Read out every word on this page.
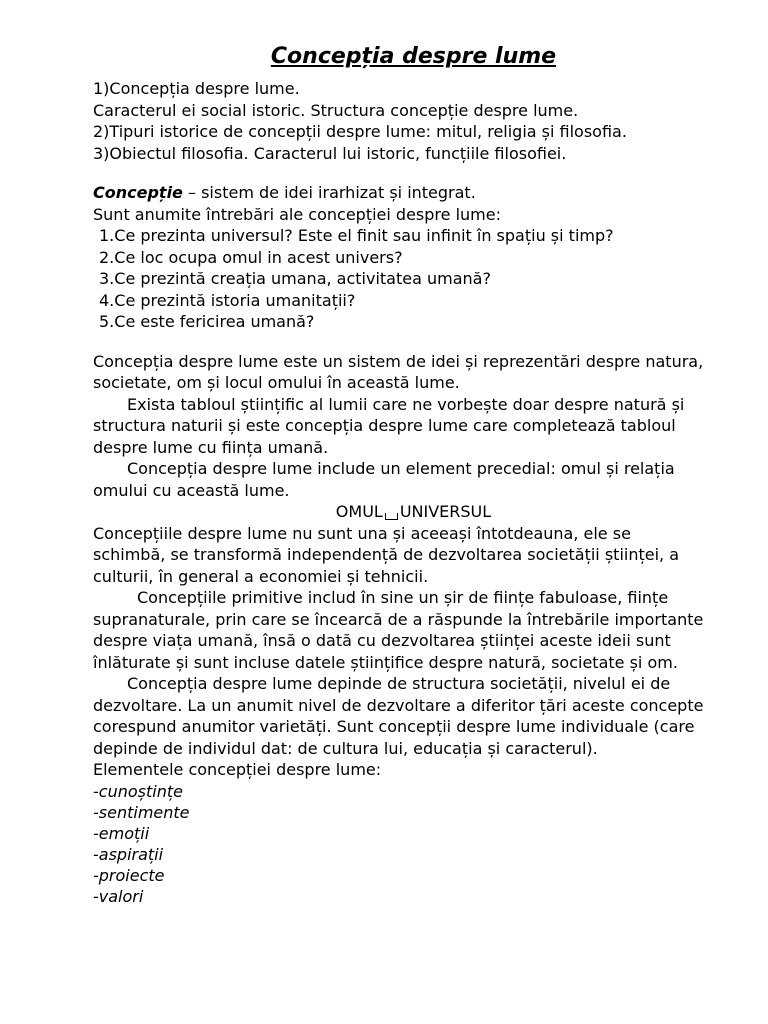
Concepția despre lume
1)Concepția despre lume.
Caracterul ei social istoric. Structura concepție despre lume.
2)Tipuri istorice de concepții despre lume: mitul, religia și filosofia.
3)Obiectul filosofia. Caracterul lui istoric, funcțiile filosofiei.
Concepție – sistem de idei irarhizat și integrat.
Sunt anumite întrebări ale concepției despre lume:
1.Ce prezinta universul? Este el finit sau infinit în spațiu și timp?
2.Ce loc ocupa omul in acest univers?
3.Ce prezintă creația umana, activitatea umană?
4.Ce prezintă istoria umanitații?
5.Ce este fericirea umană?
Concepția despre lume este un sistem de idei și reprezentări despre natura, societate, om și locul omului în această lume.
Exista tabloul științific al lumii care ne vorbește doar despre natură și structura naturii și este concepția despre lume care completează tabloul despre lume cu ființa umană.
Concepția despre lume include un element precedial: omul și relația omului cu această lume.
OMUL UNIVERSUL
Concepțiile despre lume nu sunt una și aceeași întotdeauna, ele se schimbă, se transformă independență de dezvoltarea societății științei, a culturii, în general a economiei și tehnicii.
Concepțiile primitive includ în sine un șir de ființe fabuloase, ființe supranaturale, prin care se încearcă de a răspunde la întrebările importante despre viața umană, însă o dată cu dezvoltarea științei aceste ideii sunt înlăturate și sunt incluse datele științifice despre natură, societate și om.
Concepția despre lume depinde de structura societății, nivelul ei de dezvoltare. La un anumit nivel de dezvoltare a diferitor țări aceste concepte corespund anumitor varietăți. Sunt concepții despre lume individuale (care depinde de individul dat: de cultura lui, educația și caracterul).
Elementele concepției despre lume:
-cunoștințe
-sentimente
-emoții
-aspirații
-proiecte
-valori
